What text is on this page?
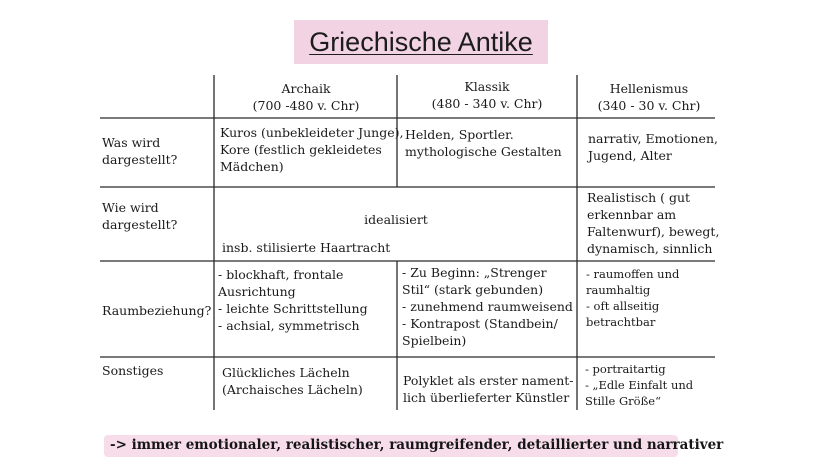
Griechische Antike
Archaik
(700 -480 v. Chr)
Klassik
(480 - 340 v. Chr)
Hellenismus
(340 - 30 v. Chr)
Was wird
dargestellt?
Kuros (unbekleideter Junge),
Kore (festlich gekleidetes
Mädchen)
Helden, Sportler.
mythologische Gestalten
narrativ, Emotionen,
Jugend, Alter
Wie wird
dargestellt?	idealisiert
insb. stilisierte Haartracht
Realistisch ( gut
erkennbar am
Faltenwurf), bewegt,
dynamisch, sinnlich
Raumbeziehung?
- blockhaft, frontale
Ausrichtung
- leichte Schrittstellung
- achsial, symmetrisch
- Zu Beginn: „Strenger
Stil“ (stark gebunden)
- zunehmend raumweisend
- Kontrapost (Standbein/
Spielbein)
- raumoffen und
raumhaltig
- oft allseitig
betrachtbar
Sonstiges	Glückliches Lächeln
(Archaisches Lächeln)
Polyklet als erster nament-
lich überlieferter Künstler
- portraitartig
- „Edle Einfalt und
Stille Größe“
-> immer emotionaler, realistischer, raumgreifender, detaillierter und narrativer
